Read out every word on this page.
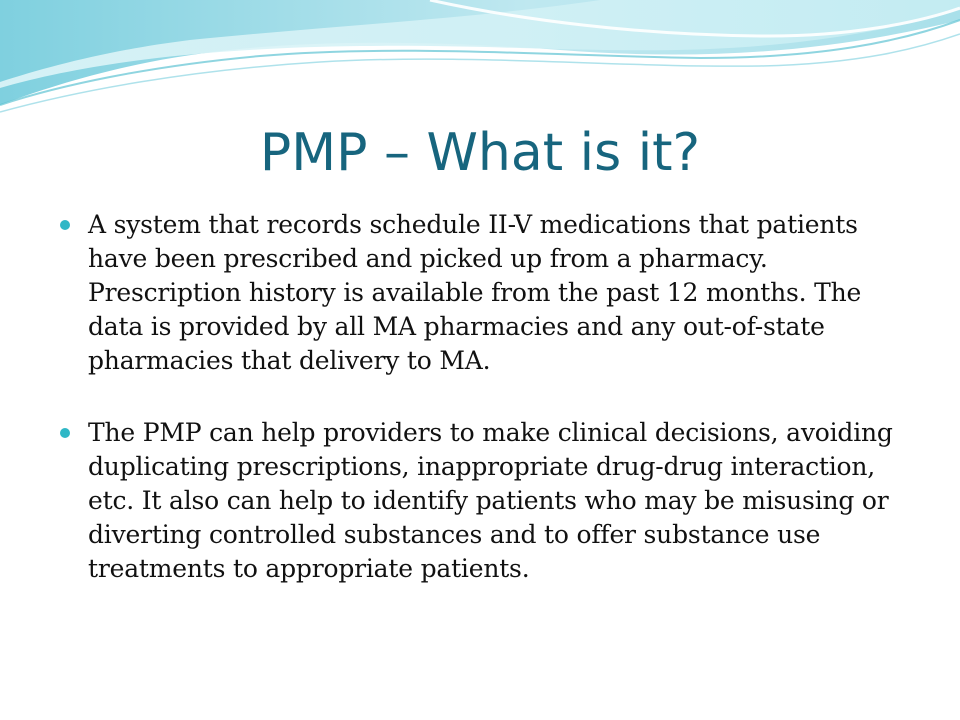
PMP – What is it?
A system that records schedule II-V medications that patients have been prescribed and picked up from a pharmacy. Prescription history is available from the past 12 months. The data is provided by all MA pharmacies and any out-of-state pharmacies that delivery to MA.
The PMP can help providers to make clinical decisions, avoiding duplicating prescriptions, inappropriate drug-drug interaction, etc. It also can help to identify patients who may be misusing or diverting controlled substances and to offer substance use treatments to appropriate patients.
